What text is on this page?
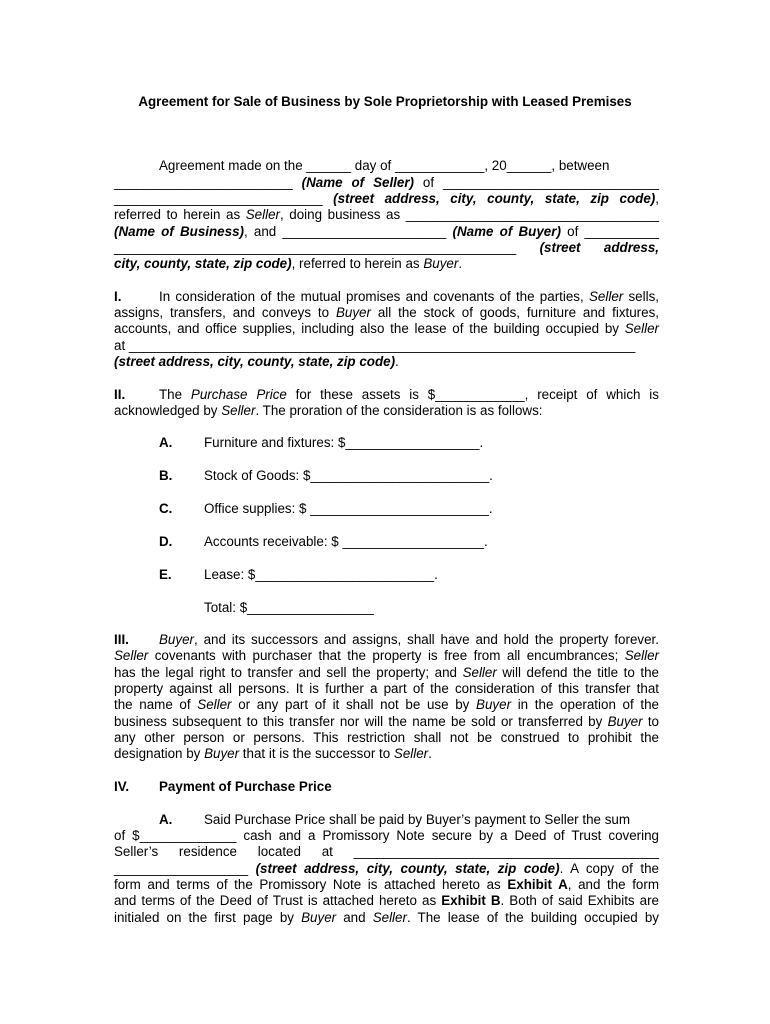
Agreement for Sale of Business by Sole Proprietorship with Leased Premises
Agreement made on the ______ day of ____________, 20______, between
________________________ (Name of Seller) of _____________________________
____________________________ (street address, city, county, state, zip code),
referred to herein as Seller, doing business as __________________________________
(Name of Business), and ______________________ (Name of Buyer) of __________
______________________________________________________ (street address,
city, county, state, zip code), referred to herein as Buyer.
I.	In consideration of the mutual promises and covenants of the parties, Seller sells,
assigns, transfers, and conveys to Buyer all the stock of goods, furniture and fixtures,
accounts, and office supplies, including also the lease of the building occupied by Seller
at ____________________________________________________________________
(street address, city, county, state, zip code).
II.	The Purchase Price for these assets is $____________, receipt of which is
acknowledged by Seller. The proration of the consideration is as follows:
A. Furniture and fixtures: $__________________.
B. Stock of Goods: $________________________.
C. Office supplies: $ ________________________.
D. Accounts receivable: $ ___________________.
E. Lease: $________________________.
Total: $_________________
III. Buyer, and its successors and assigns, shall have and hold the property forever.
Seller covenants with purchaser that the property is free from all encumbrances; Seller
has the legal right to transfer and sell the property; and Seller will defend the title to the
property against all persons. It is further a part of the consideration of this transfer that
the name of Seller or any part of it shall not be use by Buyer in the operation of the
business subsequent to this transfer nor will the name be sold or transferred by Buyer to
any other person or persons. This restriction shall not be construed to prohibit the
designation by Buyer that it is the successor to Seller.
IV. Payment of Purchase Price
A. Said Purchase Price shall be paid by Buyer’s payment to Seller the sum
of $_____________ cash and a Promissory Note secure by a Deed of Trust covering
Seller’s residence located at _________________________________________
__________________ (street address, city, county, state, zip code). A copy of the
form and terms of the Promissory Note is attached hereto as Exhibit A, and the form
and terms of the Deed of Trust is attached hereto as Exhibit B. Both of said Exhibits are
initialed on the first page by Buyer and Seller. The lease of the building occupied by
